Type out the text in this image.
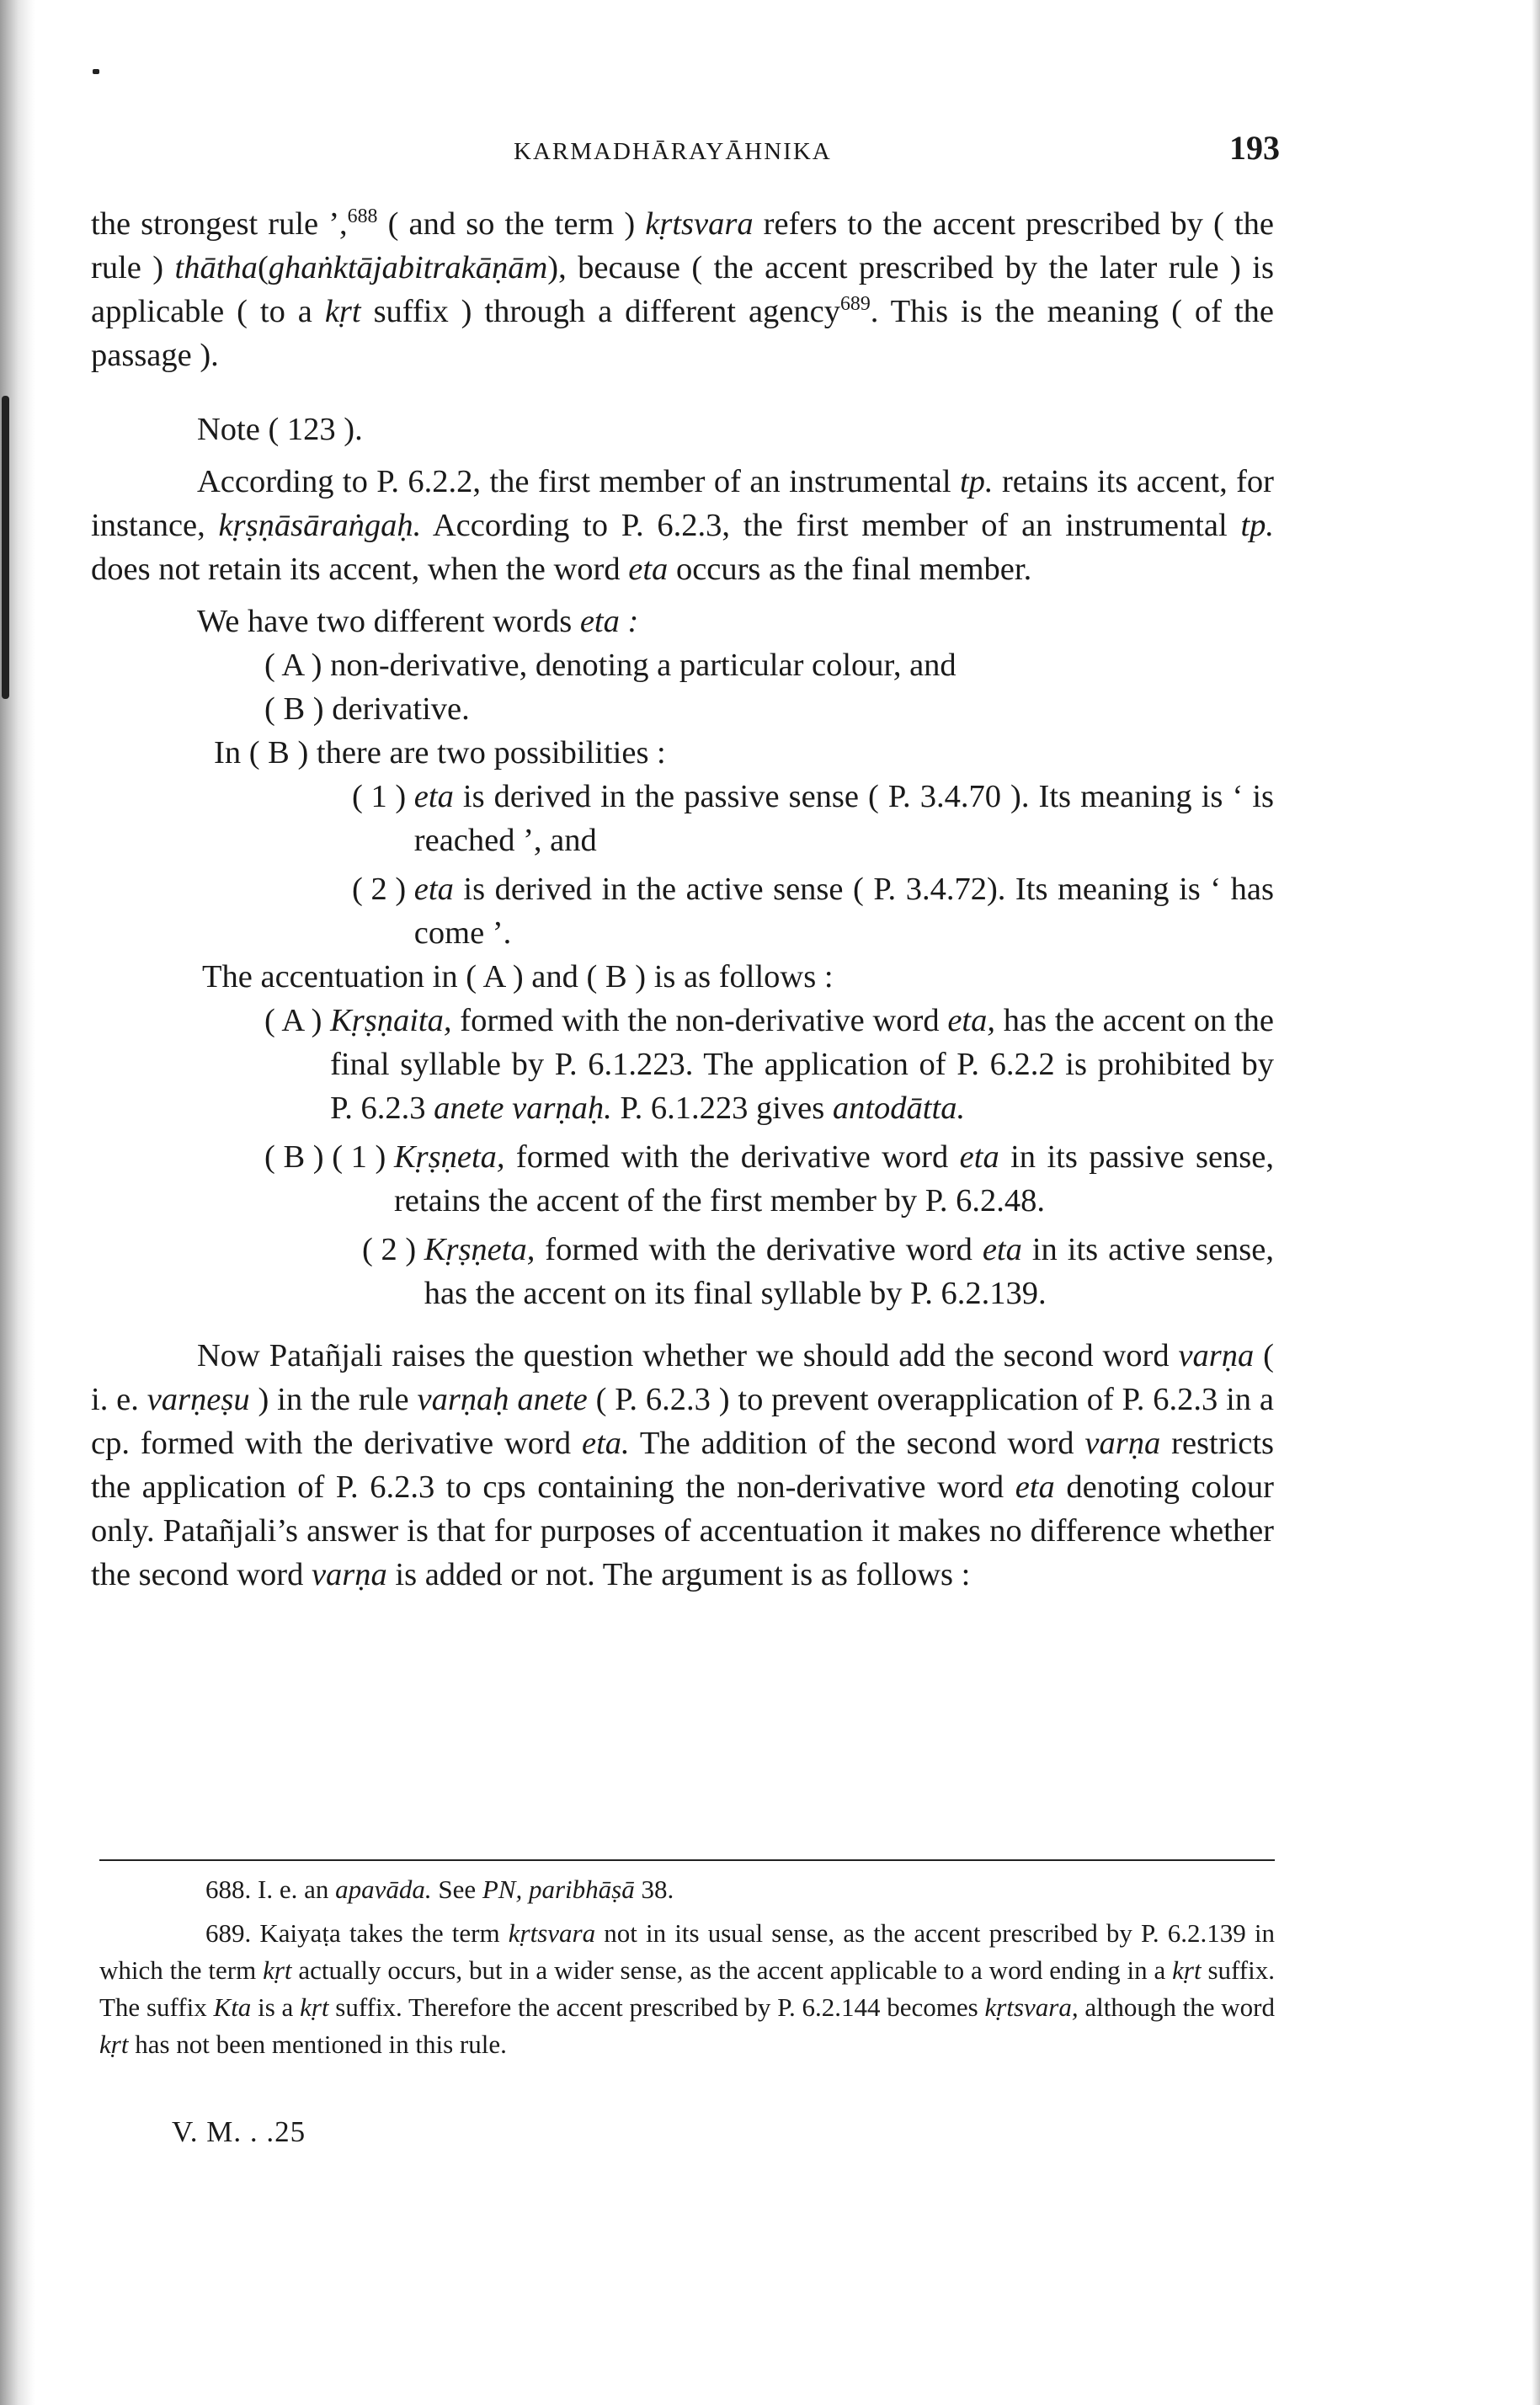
KARMADHĀRAYĀHNIKA	193

the strongest rule ’,$^{688}$ ( and so the term ) kṛtsvara refers to the accent prescribed by ( the rule ) thātha(ghaṅktājabitrakāṇām), because ( the accent prescribed by the later rule ) is applicable ( to a kṛt suffix ) through a different agency$^{689}$. This is the meaning ( of the passage ).

Note ( 123 ).

According to P. 6.2.2, the first member of an instrumental tp. retains its accent, for instance, kṛṣṇāsāraṅgaḥ. According to P. 6.2.3, the first member of an instrumental tp. does not retain its accent, when the word eta occurs as the final member.

We have two different words eta :

( A ) non-derivative, denoting a particular colour, and
( B ) derivative.

In ( B ) there are two possibilities :

( 1 ) eta is derived in the passive sense ( P. 3.4.70 ). Its meaning is ‘ is reached ’, and
( 2 ) eta is derived in the active sense ( P. 3.4.72). Its meaning is ‘ has come ’.

The accentuation in ( A ) and ( B ) is as follows :

( A ) Kṛṣṇaita, formed with the non-derivative word eta, has the accent on the final syllable by P. 6.1.223. The application of P. 6.2.2 is prohibited by P. 6.2.3 anete varṇaḥ. P. 6.1.223 gives antodātta.
( B ) ( 1 ) Kṛṣṇeta, formed with the derivative word eta in its passive sense, retains the accent of the first member by P. 6.2.48.
( 2 ) Kṛṣṇeta, formed with the derivative word eta in its active sense, has the accent on its final syllable by P. 6.2.139.

Now Patañjali raises the question whether we should add the second word varṇa ( i. e. varṇeṣu ) in the rule varṇaḥ anete ( P. 6.2.3 ) to prevent overapplication of P. 6.2.3 in a cp. formed with the derivative word eta. The addition of the second word varṇa restricts the application of P. 6.2.3 to cps containing the non-derivative word eta denoting colour only. Patañjali’s answer is that for purposes of accentuation it makes no difference whether the second word varṇa is added or not. The argument is as follows :

688. I. e. an apavāda. See PN, paribhāṣā 38.

689. Kaiyaṭa takes the term kṛtsvara not in its usual sense, as the accent prescribed by P. 6.2.139 in which the term kṛt actually occurs, but in a wider sense, as the accent applicable to a word ending in a kṛt suffix. The suffix Kta is a kṛt suffix. Therefore the accent prescribed by P. 6.2.144 becomes kṛtsvara, although the word kṛt has not been mentioned in this rule.

V. M. . .25
